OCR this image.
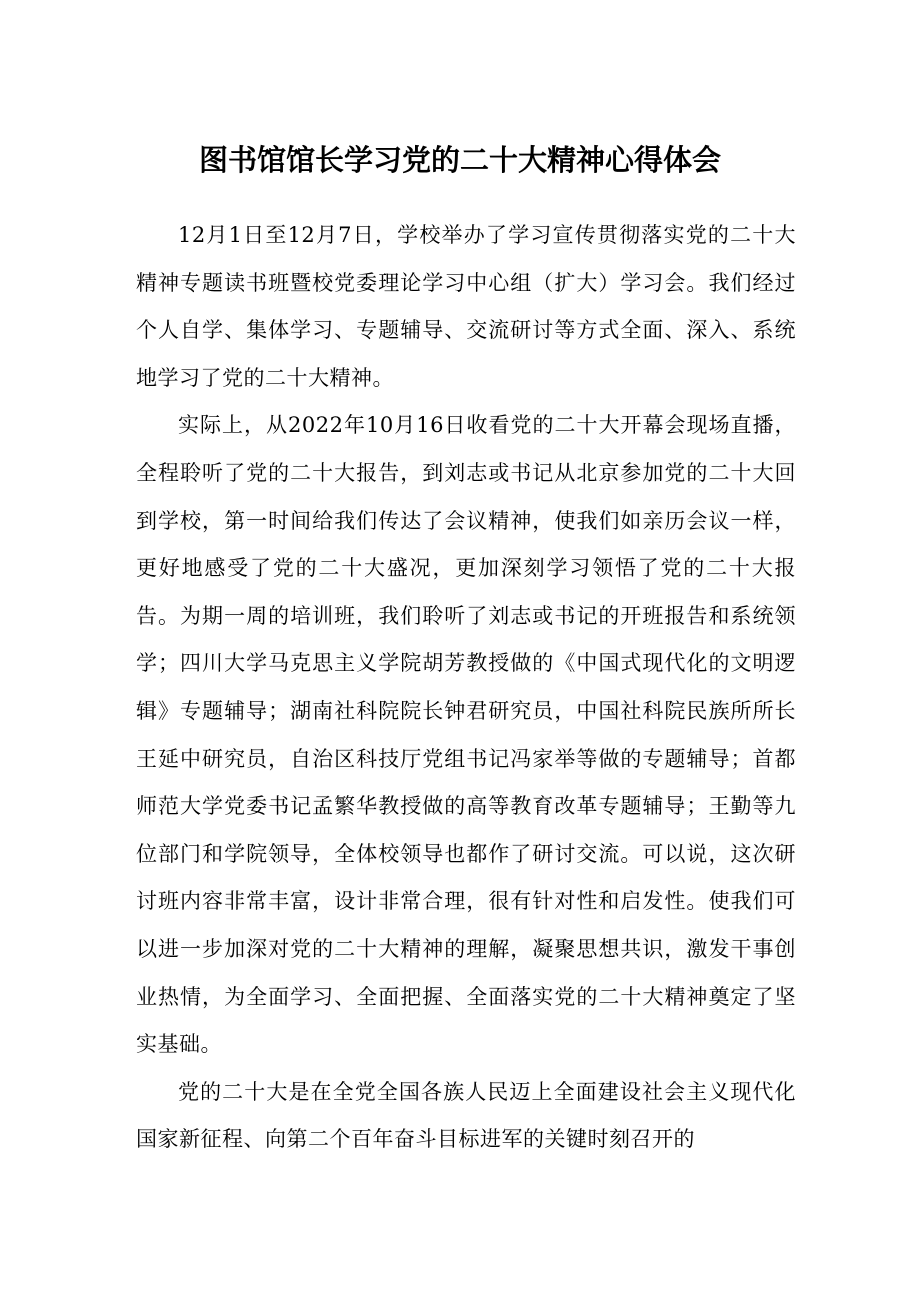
图书馆馆长学习党的二十大精神心得体会

12月1日至12月7日，学校举办了学习宣传贯彻落实党的二十大精神专题读书班暨校党委理论学习中心组（扩大）学习会。我们经过个人自学、集体学习、专题辅导、交流研讨等方式全面、深入、系统地学习了党的二十大精神。

实际上，从2022年10月16日收看党的二十大开幕会现场直播，全程聆听了党的二十大报告，到刘志或书记从北京参加党的二十大回到学校，第一时间给我们传达了会议精神，使我们如亲历会议一样，更好地感受了党的二十大盛况，更加深刻学习领悟了党的二十大报告。为期一周的培训班，我们聆听了刘志或书记的开班报告和系统领学；四川大学马克思主义学院胡芳教授做的《中国式现代化的文明逻辑》专题辅导；湖南社科院院长钟君研究员，中国社科院民族所所长王延中研究员，自治区科技厅党组书记冯家举等做的专题辅导；首都师范大学党委书记孟繁华教授做的高等教育改革专题辅导；王勤等九位部门和学院领导，全体校领导也都作了研讨交流。可以说，这次研讨班内容非常丰富，设计非常合理，很有针对性和启发性。使我们可以进一步加深对党的二十大精神的理解，凝聚思想共识，激发干事创业热情，为全面学习、全面把握、全面落实党的二十大精神奠定了坚实基础。

党的二十大是在全党全国各族人民迈上全面建设社会主义现代化国家新征程、向第二个百年奋斗目标进军的关键时刻召开的
